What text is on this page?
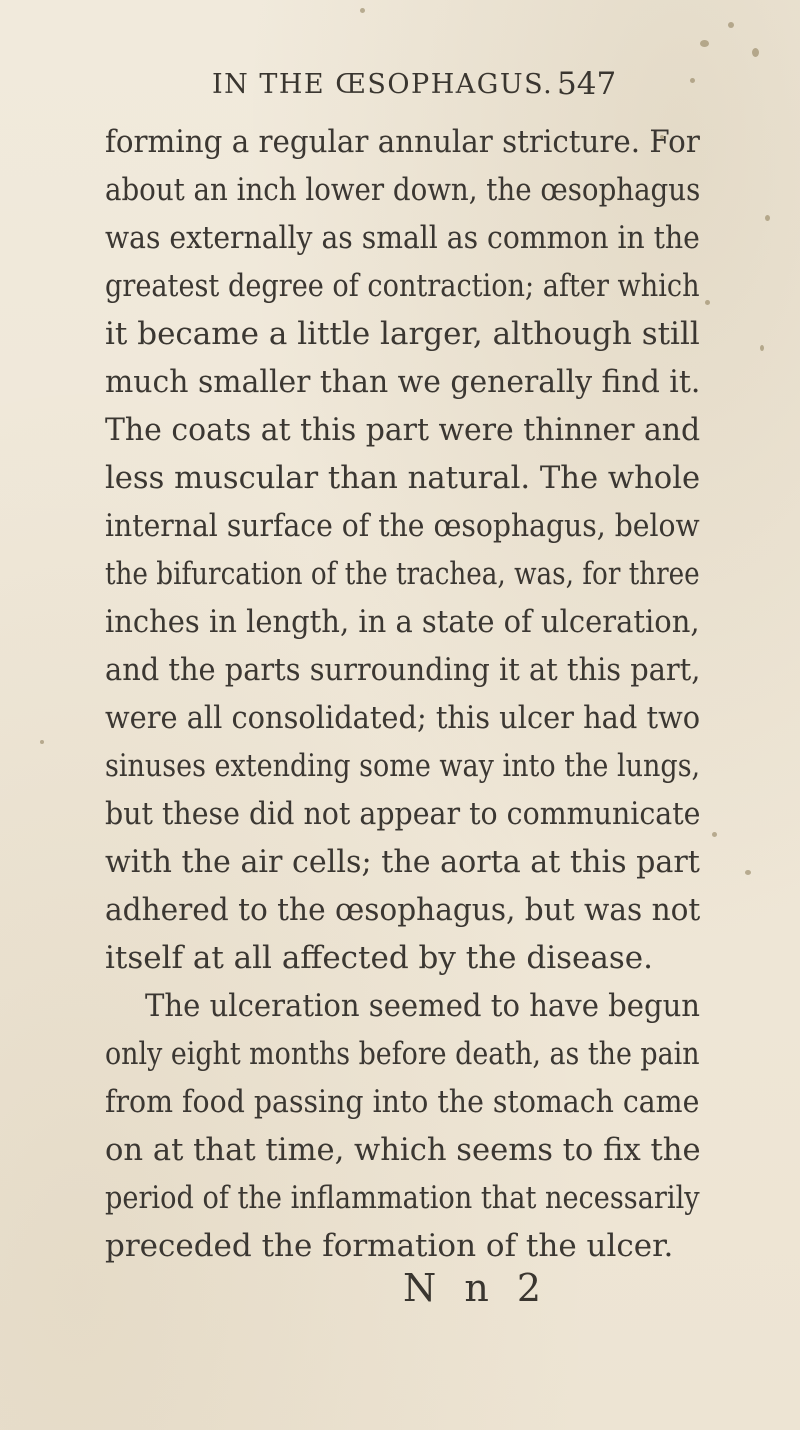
IN THE ŒSOPHAGUS. 547
forming a regular annular stricture. For
about an inch lower down, the œsophagus
was externally as small as common in the
greatest degree of contraction; after which
it became a little larger, although still
much smaller than we generally find it.
The coats at this part were thinner and
less muscular than natural. The whole
internal surface of the œsophagus, below
the bifurcation of the trachea, was, for three
inches in length, in a state of ulceration,
and the parts surrounding it at this part,
were all consolidated; this ulcer had two
sinuses extending some way into the lungs,
but these did not appear to communicate
with the air cells; the aorta at this part
adhered to the œsophagus, but was not
itself at all affected by the disease.
The ulceration seemed to have begun
only eight months before death, as the pain
from food passing into the stomach came
on at that time, which seems to fix the
period of the inflammation that necessarily
preceded the formation of the ulcer.
N n 2
